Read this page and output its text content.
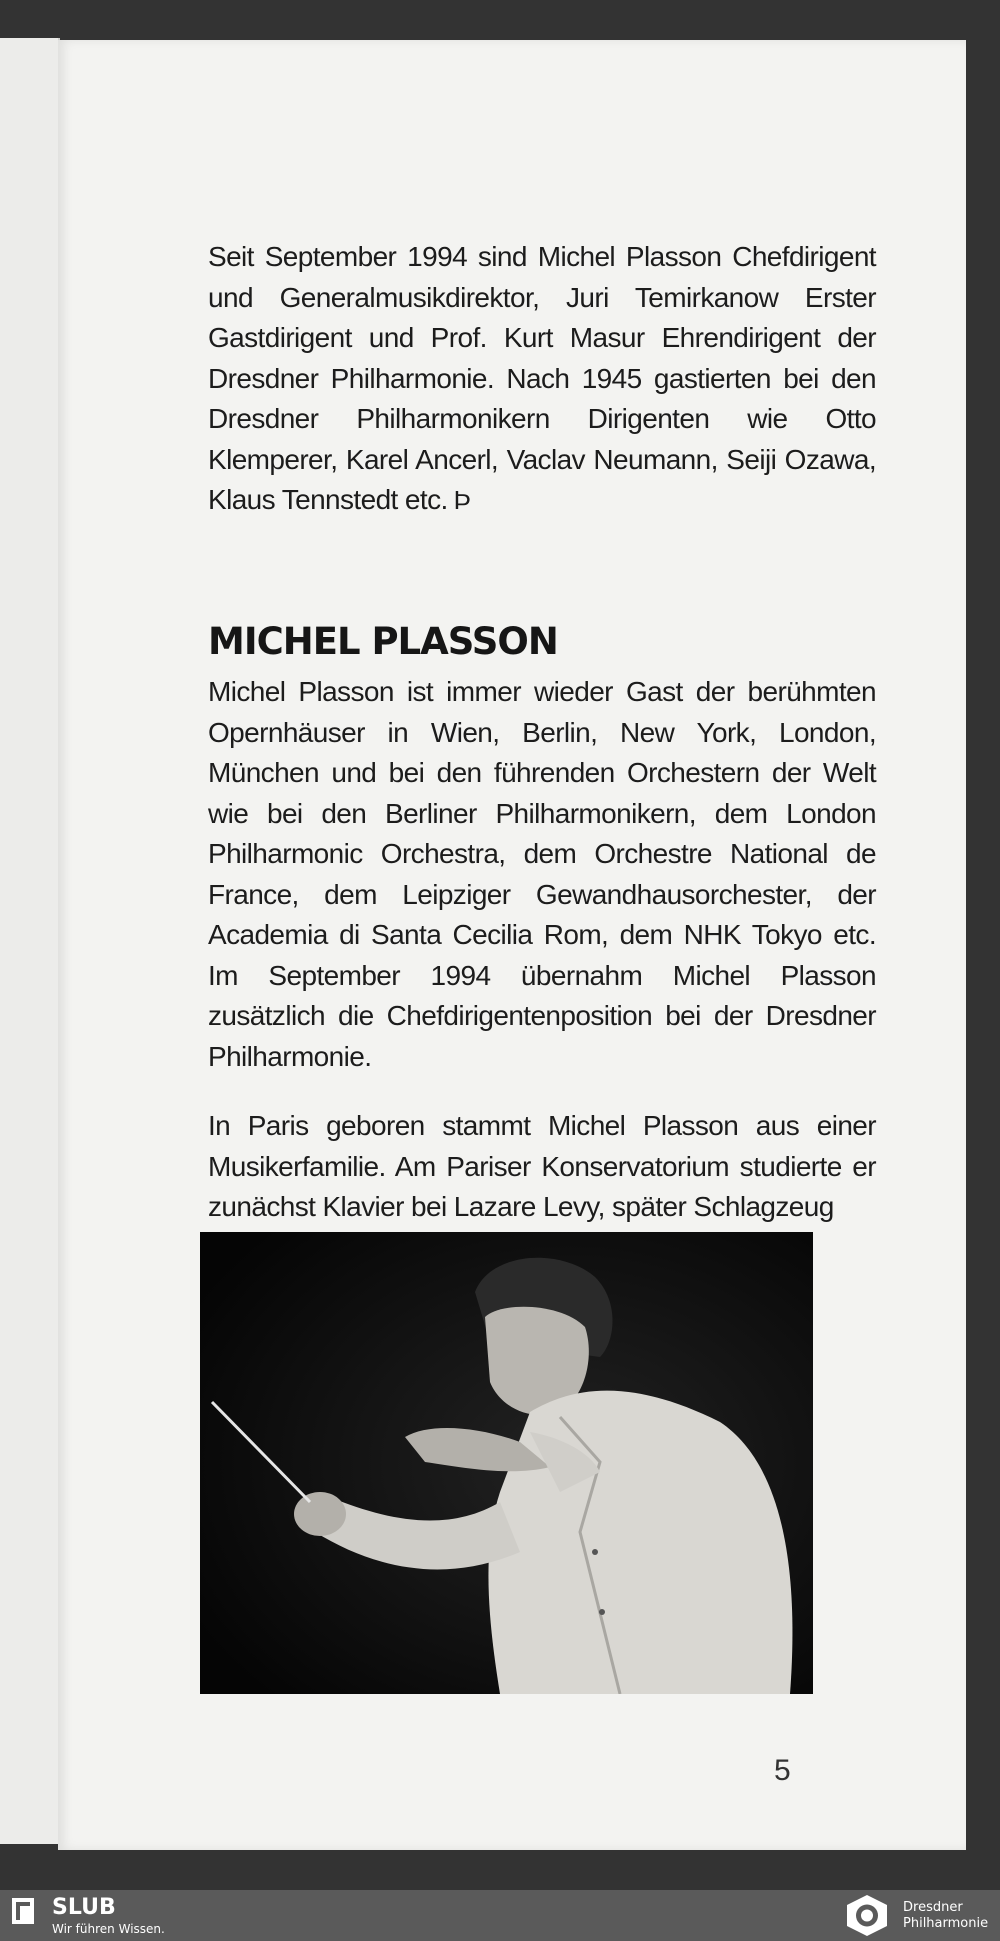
Seit September 1994 sind Michel Plasson Chefdirigent und Generalmusikdirektor, Juri Temirkanow Erster Gastdirigent und Prof. Kurt Masur Ehrendirigent der Dresdner Philharmonie. Nach 1945 gastierten bei den Dresdner Philharmonikern Dirigenten wie Otto Klemperer, Karel Ancerl, Vaclav Neumann, Seiji Ozawa, Klaus Tennstedt etc. Þ

MICHEL PLASSON

Michel Plasson ist immer wieder Gast der berühmten Opernhäuser in Wien, Berlin, New York, London, München und bei den führenden Orchestern der Welt wie bei den Berliner Philharmonikern, dem London Philharmonic Orchestra, dem Orchestre National de France, dem Leipziger Gewandhausorchester, der Academia di Santa Cecilia Rom, dem NHK Tokyo etc. Im September 1994 übernahm Michel Plasson zusätzlich die Chefdirigentenposition bei der Dresdner Philharmonie.

In Paris geboren stammt Michel Plasson aus einer Musikerfamilie. Am Pariser Konservatorium studierte er zunächst Klavier bei Lazare Levy, später Schlagzeug

5
SLUB
Wir führen Wissen.
Dresdner
Philharmonie
